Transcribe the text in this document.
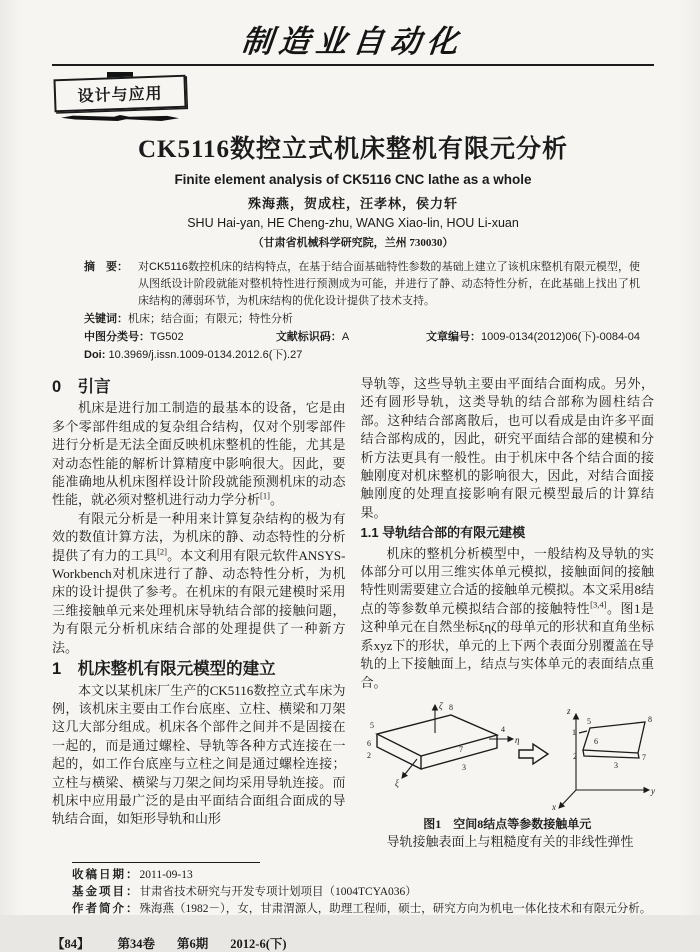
制造业自动化
设计与应用
CK5116数控立式机床整机有限元分析
Finite element analysis of CK5116 CNC lathe as a whole
殊海燕，贺成柱，汪孝林，侯力轩
SHU Hai-yan, HE Cheng-zhu, WANG Xiao-lin, HOU Li-xuan
（甘肃省机械科学研究院，兰州 730030）
摘　要： 对CK5116数控机床的结构特点，在基于结合面基础特性参数的基础上建立了该机床整机有限元模型，使从图纸设计阶段就能对整机特性进行预测成为可能，并进行了静、动态特性分析，在此基础上找出了机床结构的薄弱环节，为机床结构的优化设计提供了技术支持。
关键词：机床；结合面；有限元；特性分析
中图分类号：TG502	文献标识码：A	文章编号：1009-0134(2012)06(下)-0084-04
Doi: 10.3969/j.issn.1009-0134.2012.6(下).27
0　引言

机床是进行加工制造的最基本的设备，它是由多个零部件组成的复杂组合结构，仅对个别零部件进行分析是无法全面反映机床整机的性能，尤其是对动态性能的解析计算精度中影响很大。因此，要能准确地从机床图样设计阶段就能预测机床的动态性能，就必须对整机进行动力学分析[1]。

有限元分析是一种用来计算复杂结构的极为有效的数值计算方法，为机床的静、动态特性的分析提供了有力的工具[2]。本文利用有限元软件ANSYS-Workbench对机床进行了静、动态特性分析，为机床的设计提供了参考。在机床的有限元建模时采用三维接触单元来处理机床导轨结合部的接触问题，为有限元分析机床结合部的处理提供了一种新方法。

1　机床整机有限元模型的建立

本文以某机床厂生产的CK5116数控立式车床为例，该机床主要由工作台底座、立柱、横梁和刀架这几大部分组成。机床各个部件之间并不是固接在一起的，而是通过螺栓、导轨等各种方式连接在一起的，如工作台底座与立柱之间是通过螺栓连接；立柱与横梁、横梁与刀架之间均采用导轨连接。而机床中应用最广泛的是由平面结合面组合面成的导轨结合面，如矩形导轨和山形

导轨等，这些导轨主要由平面结合面构成。另外，还有圆形导轨，这类导轨的结合部称为圆柱结合部。这种结合部离散后，也可以看成是由许多平面结合部构成的，因此，研究平面结合部的建模和分析方法更具有一般性。由于机床中各个结合面的接触刚度对机床整机的影响很大，因此，对结合面接触刚度的处理直接影响有限元模型最后的计算结果。

1.1 导轨结合部的有限元建模

机床的整机分析模型中，一般结构及导轨的实体部分可以用三维实体单元模拟，接触面间的接触特性则需要建立合适的接触单元模拟。本文采用8结点的等参数单元模拟结合部的接触特性[3,4]。图1是这种单元在自然坐标ξηζ的母单元的形状和直角坐标系xyz下的形状，单元的上下两个表面分别覆盖在导轨的上下接触面上，结点与实体单元的表面结点重合。

ζ
η
ξ
5
8
4
6
2
7
3
z
y
x
1
5	8
6
2
3
7
图1　空间8结点等参数接触单元

导轨接触表面上与粗糙度有关的非线性弹性

收稿日期：2011-09-13
基金项目：甘肃省技术研究与开发专项计划项目（1004TCYA036）
作者简介：殊海燕（1982－），女，甘肃渭源人，助理工程师，硕士，研究方向为机电一体化技术和有限元分析。
【84】 第34卷 第6期 2012-6(下)
